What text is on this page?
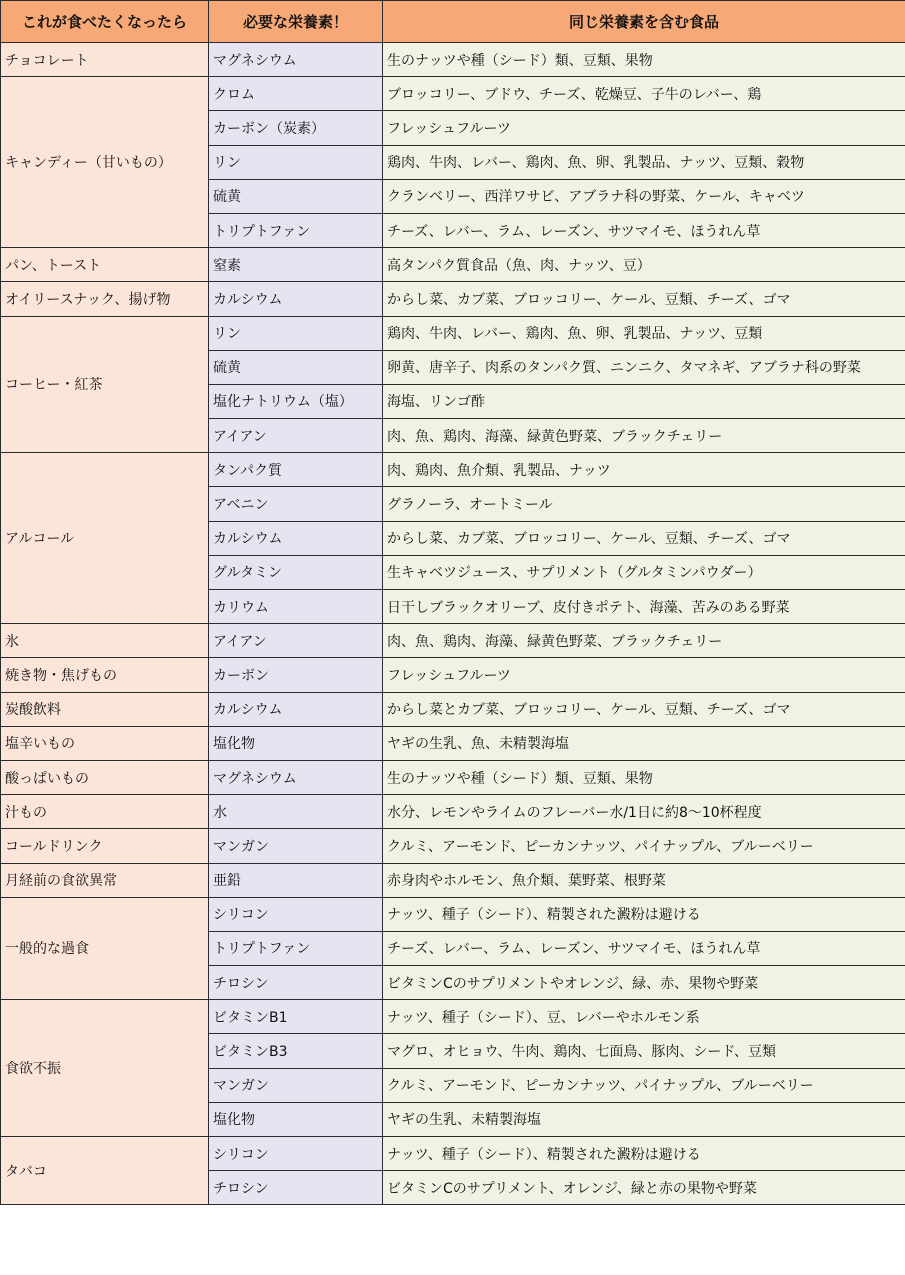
これが食べたくなったら	必要な栄養素！	同じ栄養素を含む食品
チョコレート	マグネシウム	生のナッツや種（シード）類、豆類、果物
キャンディー（甘いもの）	クロム	ブロッコリー、ブドウ、チーズ、乾燥豆、子牛のレバー、鶏
	カーボン（炭素）	フレッシュフルーツ
	リン	鶏肉、牛肉、レバー、鶏肉、魚、卵、乳製品、ナッツ、豆類、穀物
	硫黄	クランベリー、西洋ワサビ、アブラナ科の野菜、ケール、キャベツ
	トリプトファン	チーズ、レバー、ラム、レーズン、サツマイモ、ほうれん草
パン、トースト	窒素	高タンパク質食品（魚、肉、ナッツ、豆）
オイリースナック、揚げ物	カルシウム	からし菜、カブ菜、ブロッコリー、ケール、豆類、チーズ、ゴマ
コーヒー・紅茶	リン	鶏肉、牛肉、レバー、鶏肉、魚、卵、乳製品、ナッツ、豆類
	硫黄	卵黄、唐辛子、肉系のタンパク質、ニンニク、タマネギ、アブラナ科の野菜
	塩化ナトリウム（塩）	海塩、リンゴ酢
	アイアン	肉、魚、鶏肉、海藻、緑黄色野菜、ブラックチェリー
アルコール	タンパク質	肉、鶏肉、魚介類、乳製品、ナッツ
	アベニン	グラノーラ、オートミール
	カルシウム	からし菜、カブ菜、ブロッコリー、ケール、豆類、チーズ、ゴマ
	グルタミン	生キャベツジュース、サプリメント（グルタミンパウダー）
	カリウム	日干しブラックオリーブ、皮付きポテト、海藻、苦みのある野菜
氷	アイアン	肉、魚、鶏肉、海藻、緑黄色野菜、ブラックチェリー
焼き物・焦げもの	カーボン	フレッシュフルーツ
炭酸飲料	カルシウム	からし菜とカブ菜、ブロッコリー、ケール、豆類、チーズ、ゴマ
塩辛いもの	塩化物	ヤギの生乳、魚、未精製海塩
酸っぱいもの	マグネシウム	生のナッツや種（シード）類、豆類、果物
汁もの	水	水分、レモンやライムのフレーバー水/1日に約8～10杯程度
コールドリンク	マンガン	クルミ、アーモンド、ピーカンナッツ、パイナップル、ブルーベリー
月経前の食欲異常	亜鉛	赤身肉やホルモン、魚介類、葉野菜、根野菜
一般的な過食	シリコン	ナッツ、種子（シード）、精製された澱粉は避ける
	トリプトファン	チーズ、レバー、ラム、レーズン、サツマイモ、ほうれん草
	チロシン	ビタミンCのサプリメントやオレンジ、緑、赤、果物や野菜
食欲不振	ビタミンB1	ナッツ、種子（シード）、豆、レバーやホルモン系
	ビタミンB3	マグロ、オヒョウ、牛肉、鶏肉、七面鳥、豚肉、シード、豆類
	マンガン	クルミ、アーモンド、ピーカンナッツ、パイナップル、ブルーベリー
	塩化物	ヤギの生乳、未精製海塩
タバコ	シリコン	ナッツ、種子（シード）、精製された澱粉は避ける
	チロシン	ビタミンCのサプリメント、オレンジ、緑と赤の果物や野菜
